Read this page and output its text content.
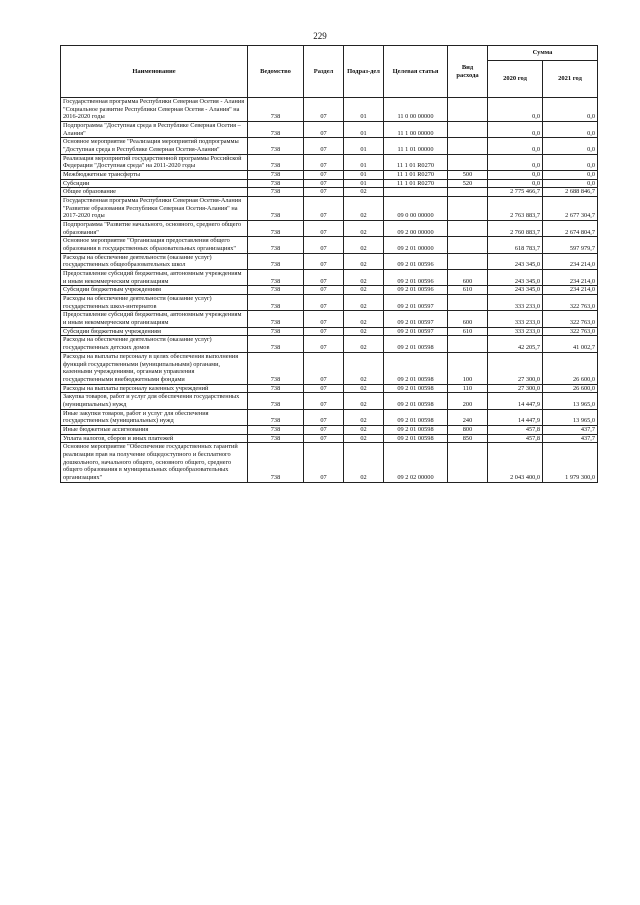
229
Наименование	Ведомство	Раздел	Подраз-дел	Целевая статья	Вид расхода	Сумма	
						2020 год	2021 год
Государственная программа Республики Северная Осетия - Алания "Социальное развитие Республики Северная Осетия - Алания" на 2016-2020 годы	738	07	01	11 0 00 00000		0,0	0,0
Подпрограмма "Доступная среда в Республике Северная Осетия – Алания"	738	07	01	11 1 00 00000		0,0	0,0
Основное мероприятие "Реализация мероприятий подпрограммы "Доступная среда в Республике Северная Осетия-Алания"	738	07	01	11 1 01 00000		0,0	0,0
Реализация мероприятий государственной программы Российской Федерации "Доступная среда" на 2011-2020 годы	738	07	01	11 1 01 R0270		0,0	0,0
Межбюджетные трансферты	738	07	01	11 1 01 R0270	500	0,0	0,0
Субсидии	738	07	01	11 1 01 R0270	520	0,0	0,0
Общее образование	738	07	02			2 775 466,7	2 688 846,7
Государственная программа Республики Северная Осетия-Алания "Развитие образования Республики Северная Осетия-Алания" на 2017-2020 годы	738	07	02	09 0 00 00000		2 763 883,7	2 677 304,7
Подпрограмма "Развитие начального, основного, среднего общего образования"	738	07	02	09 2 00 00000		2 760 883,7	2 674 804,7
Основное мероприятие "Организация предоставления общего образования в государственных образовательных организациях"	738	07	02	09 2 01 00000		618 783,7	597 979,7
Расходы на обеспечение деятельности (оказание услуг) государственных общеобразовательных школ	738	07	02	09 2 01 00596		243 345,0	234 214,0
Предоставление субсидий бюджетным, автономным учреждениям и иным некоммерческим организациям	738	07	02	09 2 01 00596	600	243 345,0	234 214,0
Субсидии бюджетным учреждениям	738	07	02	09 2 01 00596	610	243 345,0	234 214,0
Расходы на обеспечение деятельности (оказание услуг) государственных школ-интернатов	738	07	02	09 2 01 00597		333 233,0	322 763,0
Предоставление субсидий бюджетным, автономным учреждениям и иным некоммерческим организациям	738	07	02	09 2 01 00597	600	333 233,0	322 763,0
Субсидии бюджетным учреждениям	738	07	02	09 2 01 00597	610	333 233,0	322 763,0
Расходы на обеспечение деятельности (оказание услуг) государственных детских домов	738	07	02	09 2 01 00598		42 205,7	41 002,7
Расходы на выплаты персоналу в целях обеспечения выполнения функций государственными (муниципальными) органами, казенными учреждениями, органами управления государственными внебюджетными фондами	738	07	02	09 2 01 00598	100	27 300,0	26 600,0
Расходы на выплаты персоналу казенных учреждений	738	07	02	09 2 01 00598	110	27 300,0	26 600,0
Закупка товаров, работ и услуг для обеспечения государственных (муниципальных) нужд	738	07	02	09 2 01 00598	200	14 447,9	13 965,0
Иные закупки товаров, работ и услуг для обеспечения государственных (муниципальных) нужд	738	07	02	09 2 01 00598	240	14 447,9	13 965,0
Иные бюджетные ассигнования	738	07	02	09 2 01 00598	800	457,8	437,7
Уплата налогов, сборов и иных платежей	738	07	02	09 2 01 00598	850	457,8	437,7
Основное мероприятие "Обеспечение государственных гарантий реализации прав на получение общедоступного и бесплатного дошкольного, начального общего, основного общего, среднего общего образования в муниципальных общеобразовательных организациях"	738	07	02	09 2 02 00000		2 043 400,0	1 979 300,0
